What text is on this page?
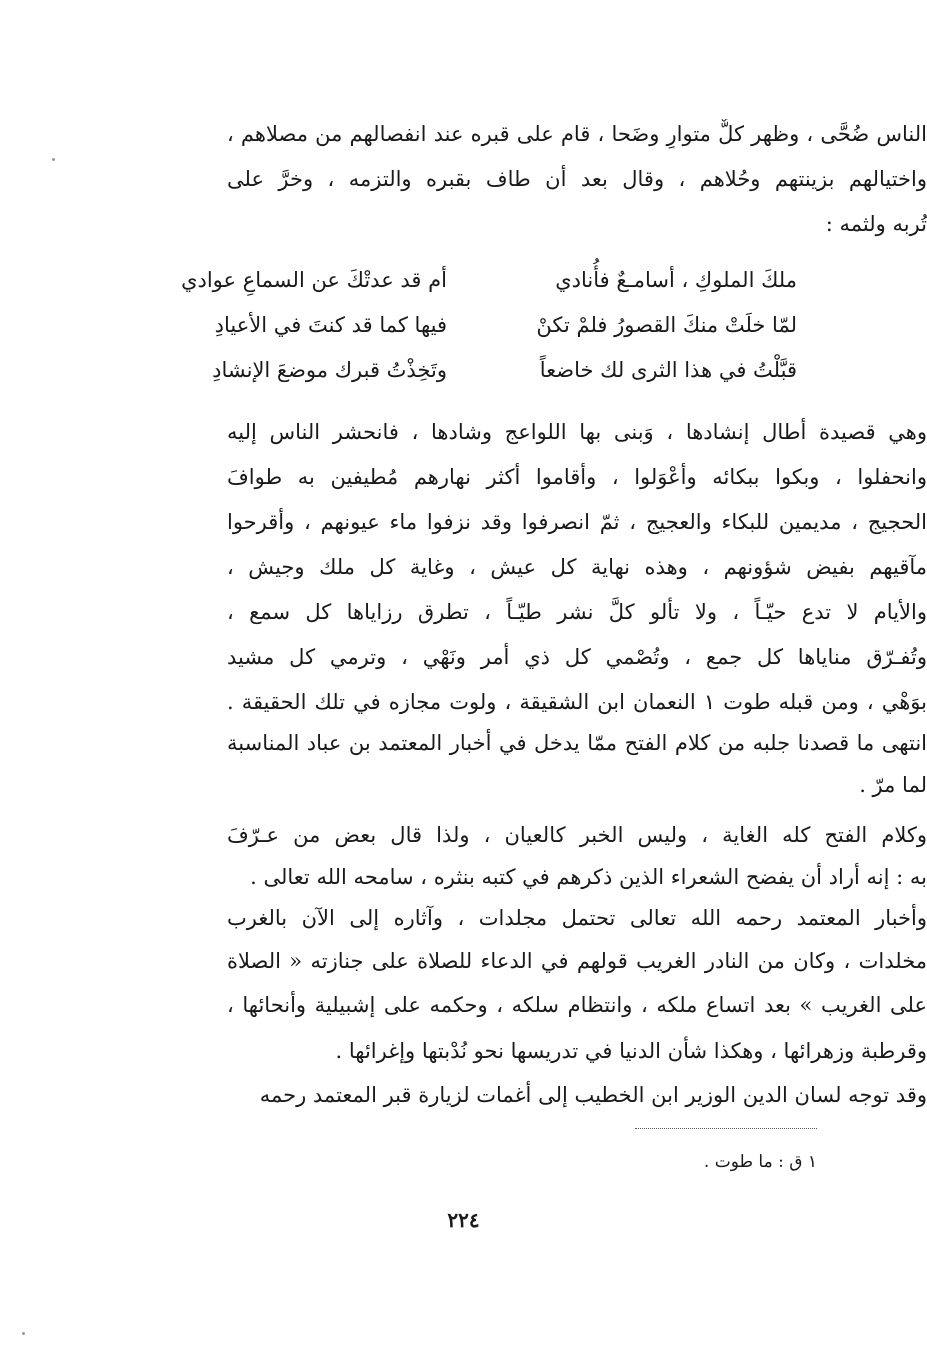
الناس ضُحَّى ، وظهر كلٌّ متوارٍ وضَحا ، قام على قبره عند انفصالهم من مصلاهم ،
واختيالهم بزينتهم وحُلاهم ، وقال بعد أن طاف بقبره والتزمه ، وخرَّ على
تُربه ولثمه :
ملكَ الملوكِ ، أسامـعٌ فأُنادي
أم قد عدتْكَ عن السماعِ عوادي
لمّا خلَتْ منكَ القصورُ فلمْ تكنْ
فيها كما قد كنتَ في الأعيادِ
قبَّلْتُ في هذا الثرى لك خاضعاً
وتَخِذْتُ قبرك موضعَ الإنشادِ
وهي قصيدة أطال إنشادها ، وَبنى بها اللواعج وشادها ، فانحشر الناس إليه
وانحفلوا ، وبكوا ببكائه وأعْوَلوا ، وأقاموا أكثر نهارهم مُطيفين به طوافَ
الحجيج ، مديمين للبكاء والعجيج ، ثمّ انصرفوا وقد نزفوا ماء عيونهم ، وأقرحوا
مآقيهم بفيض شؤونهم ، وهذه نهاية كل عيش ، وغاية كل ملك وجيش ،
والأيام لا تدع حيّـاً ، ولا تألو كلَّ نشر طيّـاً ، تطرق رزاياها كل سمع ،
وتُفـرّق مناياها كل جمع ، وتُصْمي كل ذي أمر ونَهْي ، وترمي كل مشيد
بوَهْي ، ومن قبله طوت ١ النعمان ابن الشقيقة ، ولوت مجازه في تلك الحقيقة .
انتهى ما قصدنا جلبه من كلام الفتح ممّا يدخل في أخبار المعتمد بن عباد المناسبة
لما مرّ .
وكلام الفتح كله الغاية ، وليس الخبر كالعيان ، ولذا قال بعض من عـرّفَ
به : إنه أراد أن يفضح الشعراء الذين ذكرهم في كتبه بنثره ، سامحه الله تعالى .
وأخبار المعتمد رحمه الله تعالى تحتمل مجلدات ، وآثاره إلى الآن بالغرب
مخلدات ، وكان من النادر الغريب قولهم في الدعاء للصلاة على جنازته « الصلاة
على الغريب » بعد اتساع ملكه ، وانتظام سلكه ، وحكمه على إشبيلية وأنحائها ،
وقرطبة وزهرائها ، وهكذا شأن الدنيا في تدريسها نحو نُدْبتها وإغرائها .
وقد توجه لسان الدين الوزير ابن الخطيب إلى أغمات لزيارة قبر المعتمد رحمه
١ ق : ما طوت .
٢٢٤
